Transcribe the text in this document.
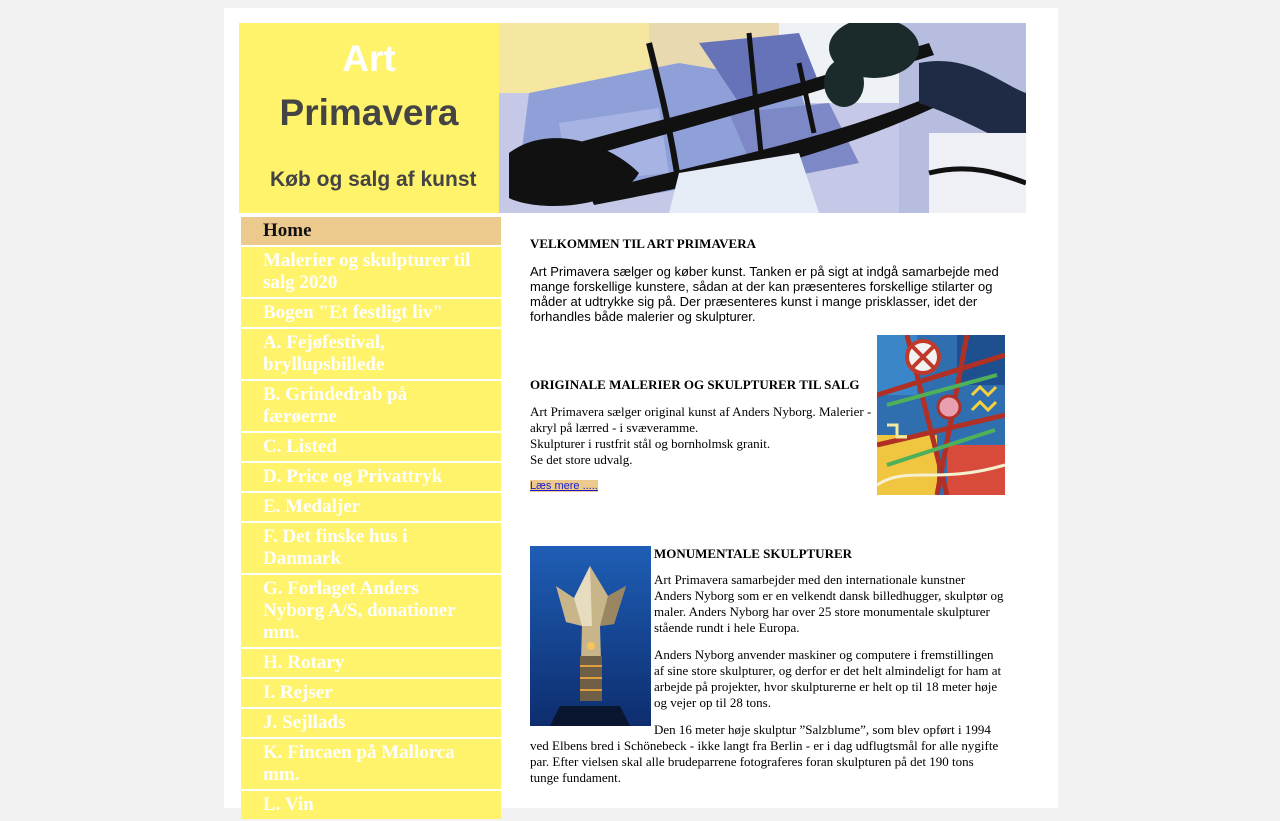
Art
Primavera
Køb og salg af kunst
Home
Malerier og skulpturer til salg 2020
Bogen "Et festligt liv"
A. Fejøfestival, bryllupsbillede
B. Grindedrab på færøerne
C. Listed
D. Price og Privattryk
E. Medaljer
F. Det finske hus i Danmark
G. Forlaget Anders Nyborg A/S, donationer mm.
H. Rotary
I. Rejser
J. Sejllads
K. Fincaen på Mallorca mm.
L. Vin
VELKOMMEN TIL ART PRIMAVERA
Art Primavera sælger og køber kunst. Tanken er på sigt at indgå samarbejde med mange forskellige kunstere, sådan at der kan præsenteres forskellige stilarter og måder at udtrykke sig på. Der præsenteres kunst i mange prisklasser, idet der forhandles både malerier og skulpturer.
ORIGINALE MALERIER OG SKULPTURER TIL SALG
Art Primavera sælger original kunst af Anders Nyborg. Malerier - akryl på lærred - i svæveramme.
Skulpturer i rustfrit stål og bornholmsk granit.
Se det store udvalg.
Læs mere .....
MONUMENTALE SKULPTURER
Art Primavera samarbejder med den internationale kunstner Anders Nyborg som er en velkendt dansk billedhugger, skulptør og maler. Anders Nyborg har over 25 store monumentale skulpturer stående rundt i hele Europa.
Anders Nyborg anvender maskiner og computere i fremstillingen af sine store skulpturer, og derfor er det helt almindeligt for ham at arbejde på projekter, hvor skulpturerne er helt op til 18 meter høje og vejer op til 28 tons.
Den 16 meter høje skulptur ”Salzblume”, som blev opført i 1994 ved Elbens bred i Schönebeck - ikke langt fra Berlin - er i dag udflugtsmål for alle nygifte par. Efter vielsen skal alle brudeparrene fotograferes foran skulpturen på det 190 tons tunge fundament.
